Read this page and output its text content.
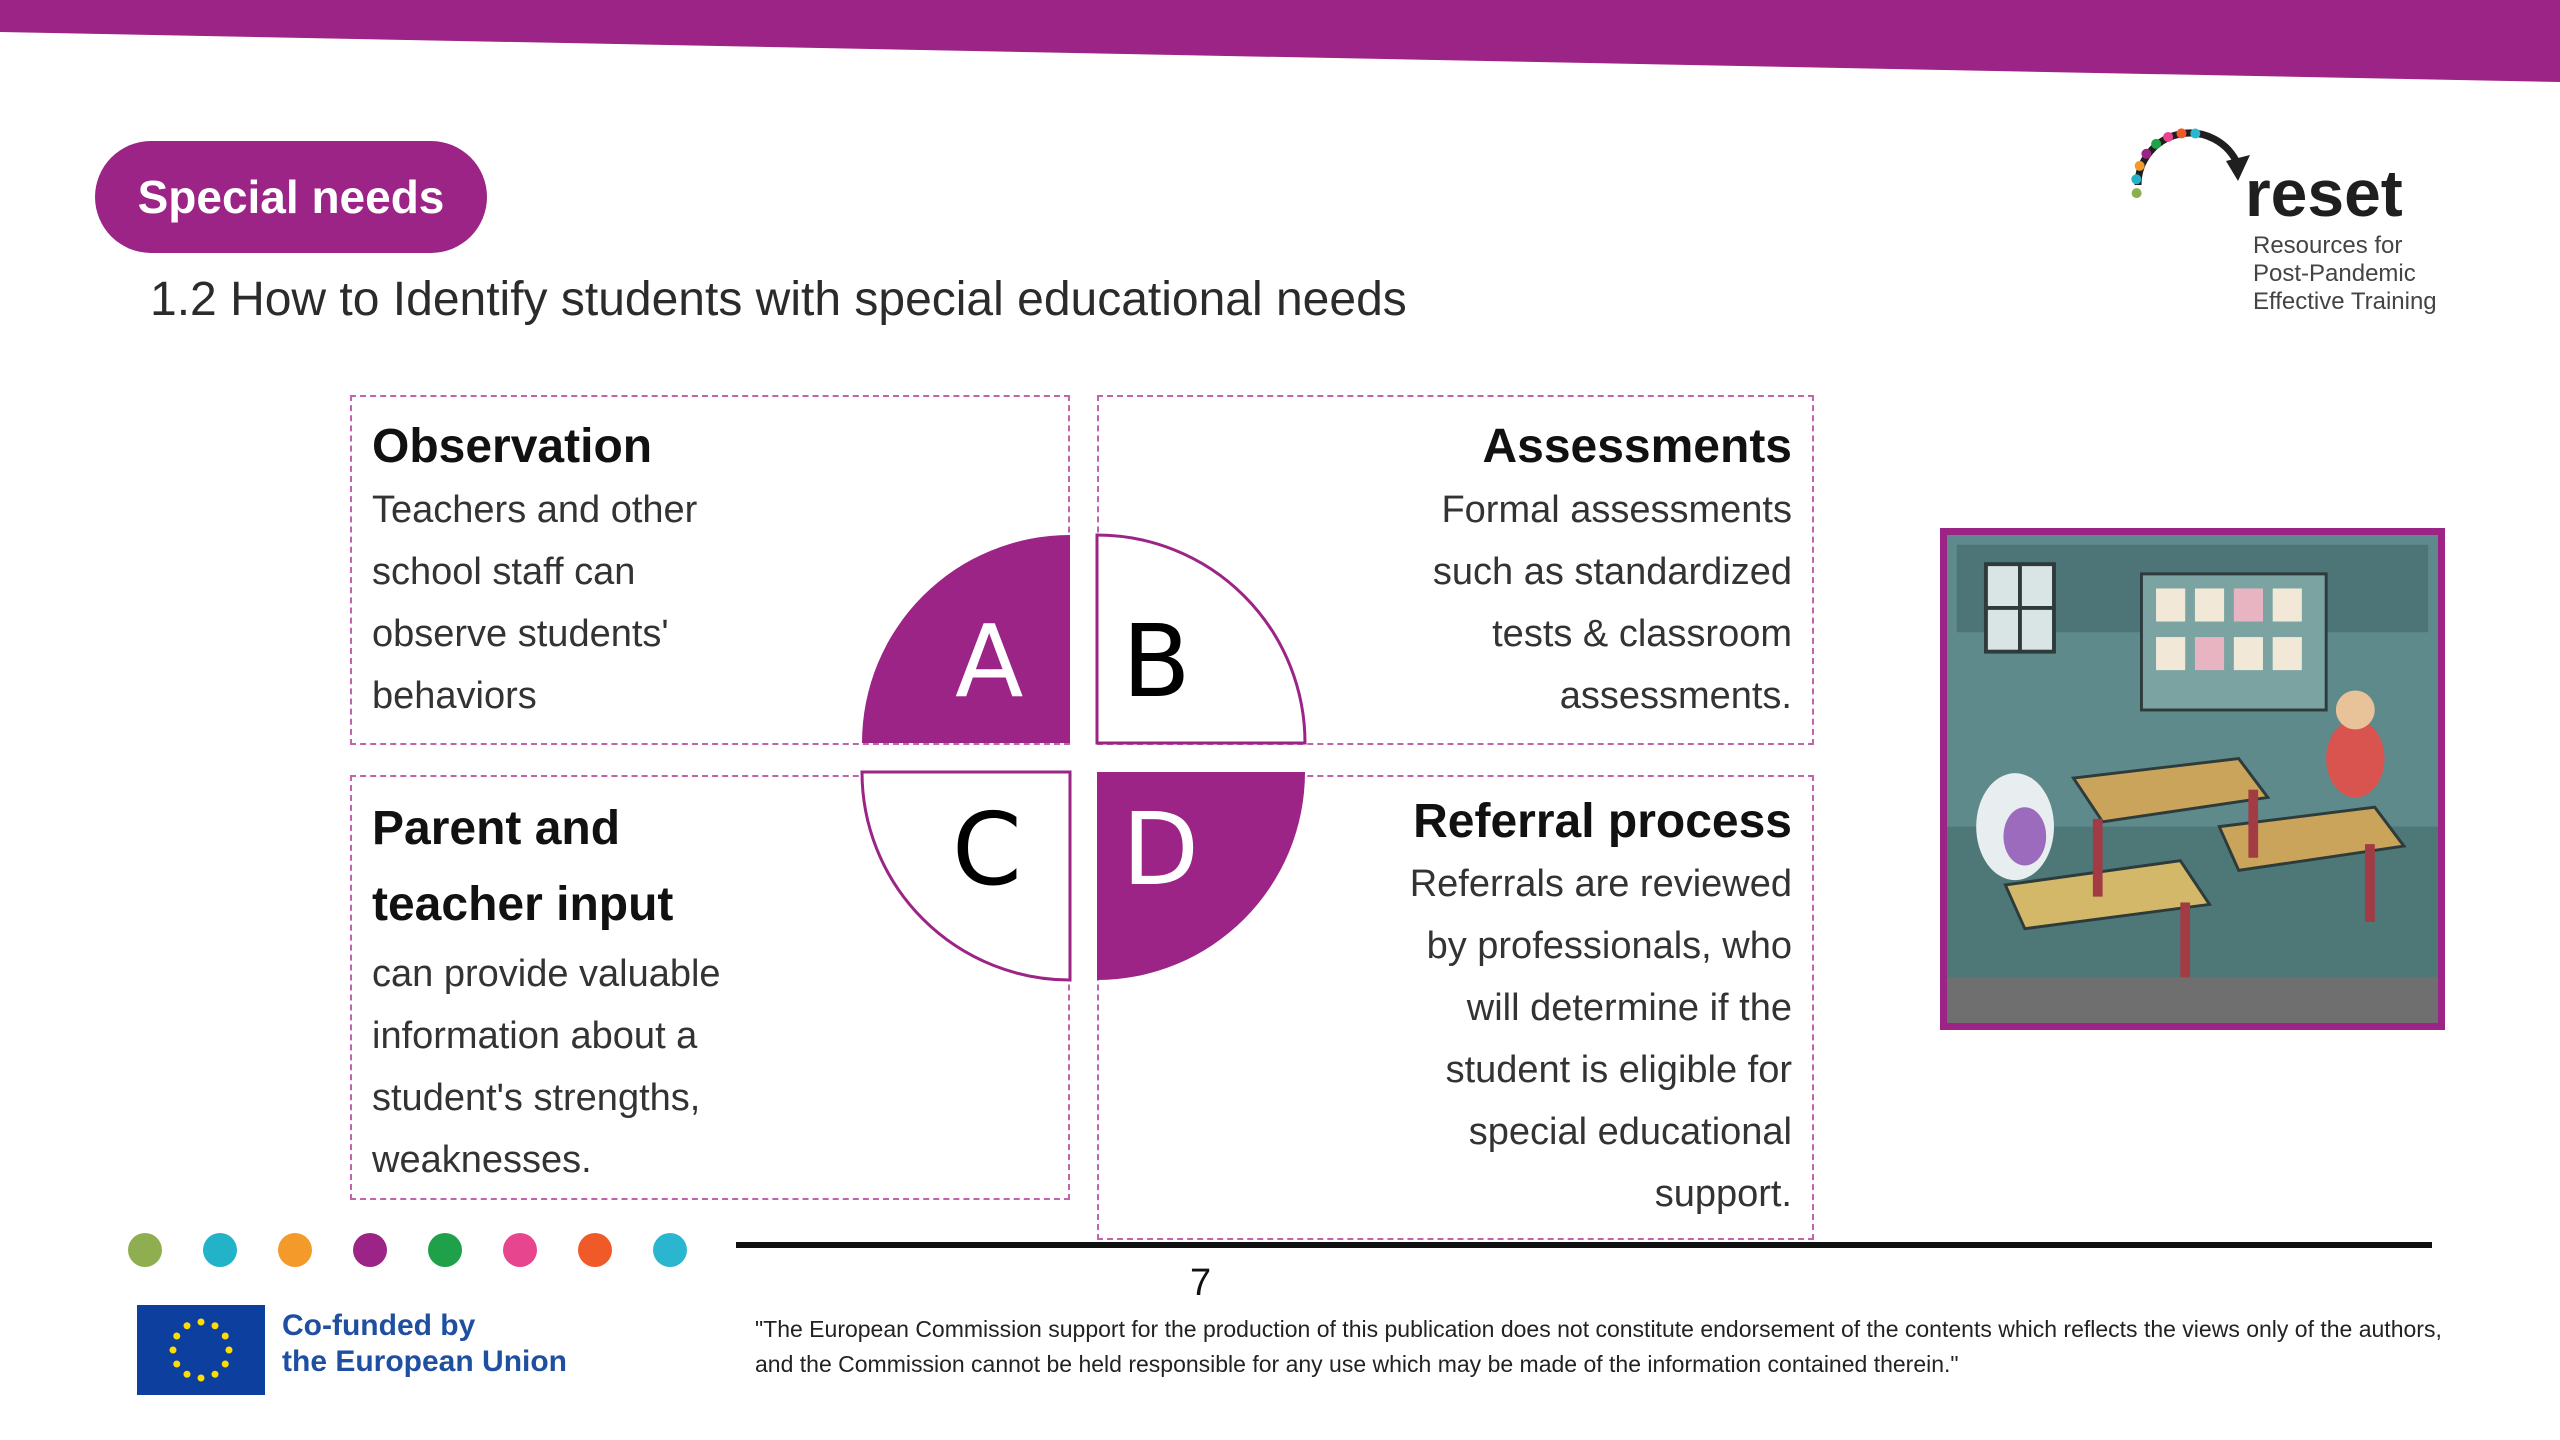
Special needs
1.2 How to Identify students with special educational needs
reset
Resources for
Post-Pandemic
Effective Training
Observation

Teachers and other

school staff can

observe students'

behaviors

Assessments

Formal assessments

such as standardized

tests & classroom

assessments.

Parent and
teacher input

can provide valuable

information about a

student's strengths,

weaknesses.

Referral process

Referrals are reviewed

by professionals, who

will determine if the

student is eligible for

special educational

support.

A B
C D
7
Co-funded by
the European Union
"The European Commission support for the production of this publication does not constitute endorsement of the contents which reflects the views only of the authors, and the Commission cannot be held responsible for any use which may be made of the information contained therein."
